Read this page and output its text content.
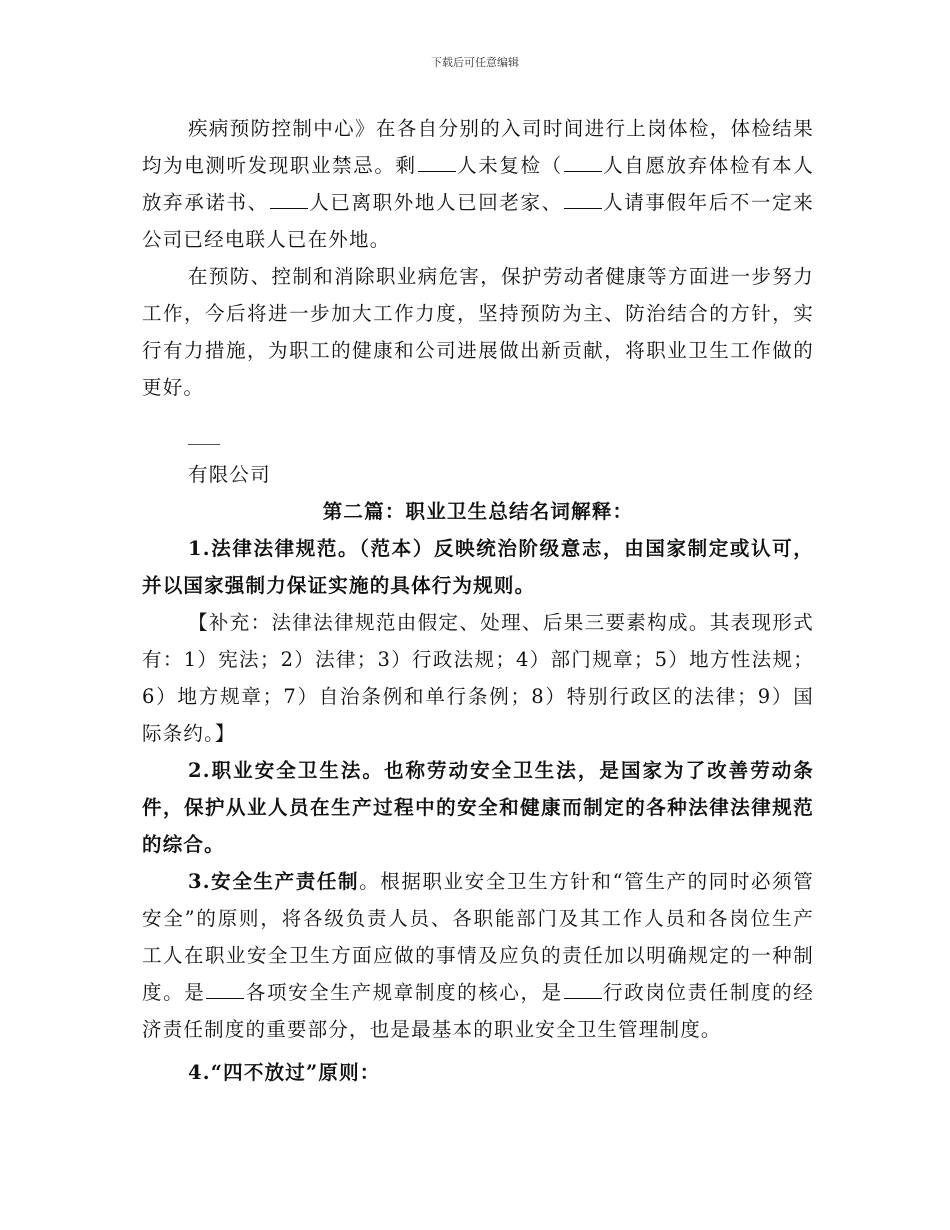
下载后可任意编辑

疾病预防控制中心》在各自分别的入司时间进行上岗体检，体检结果均为电测听发现职业禁忌。剩 人未复检（ 人自愿放弃体检有本人放弃承诺书、 人已离职外地人已回老家、 人请事假年后不一定来公司已经电联人已在外地。

在预防、控制和消除职业病危害，保护劳动者健康等方面进一步努力工作，今后将进一步加大工作力度，坚持预防为主、防治结合的方针，实行有力措施，为职工的健康和公司进展做出新贡献，将职业卫生工作做的更好。

有限公司

第二篇：职业卫生总结名词解释：

1.法律法律规范。（范本）反映统治阶级意志，由国家制定或认可，并以国家强制力保证实施的具体行为规则。

【补充：法律法律规范由假定、处理、后果三要素构成。其表现形式有：1）宪法；2）法律；3）行政法规；4）部门规章；5）地方性法规；6）地方规章；7）自治条例和单行条例；8）特别行政区的法律；9）国际条约。】

2.职业安全卫生法。也称劳动安全卫生法，是国家为了改善劳动条件，保护从业人员在生产过程中的安全和健康而制定的各种法律法律规范的综合。

3.安全生产责任制。根据职业安全卫生方针和“管生产的同时必须管安全”的原则，将各级负责人员、各职能部门及其工作人员和各岗位生产工人在职业安全卫生方面应做的事情及应负的责任加以明确规定的一种制度。是 各项安全生产规章制度的核心，是 行政岗位责任制度的经济责任制度的重要部分，也是最基本的职业安全卫生管理制度。

4.“四不放过”原则：
